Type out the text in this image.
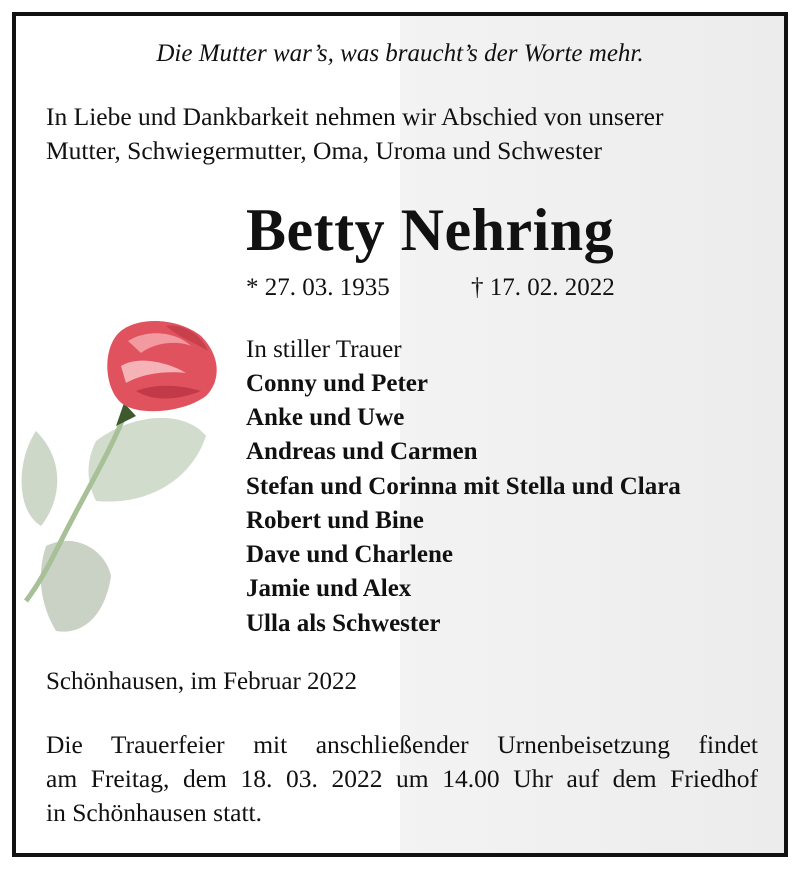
Die Mutter war’s, was braucht’s der Worte mehr.
In Liebe und Dankbarkeit nehmen wir Abschied von unserer
Mutter, Schwiegermutter, Oma, Uroma und Schwester
Betty Nehring
* 27. 03. 1935	† 17. 02. 2022
In stiller Trauer
Conny und Peter
Anke und Uwe
Andreas und Carmen
Stefan und Corinna mit Stella und Clara
Robert und Bine
Dave und Charlene
Jamie und Alex
Ulla als Schwester
Schönhausen, im Februar 2022
Die Trauerfeier mit anschließender Urnenbeisetzung findet
am Freitag, dem 18. 03. 2022 um 14.00 Uhr auf dem Friedhof
in Schönhausen statt.
